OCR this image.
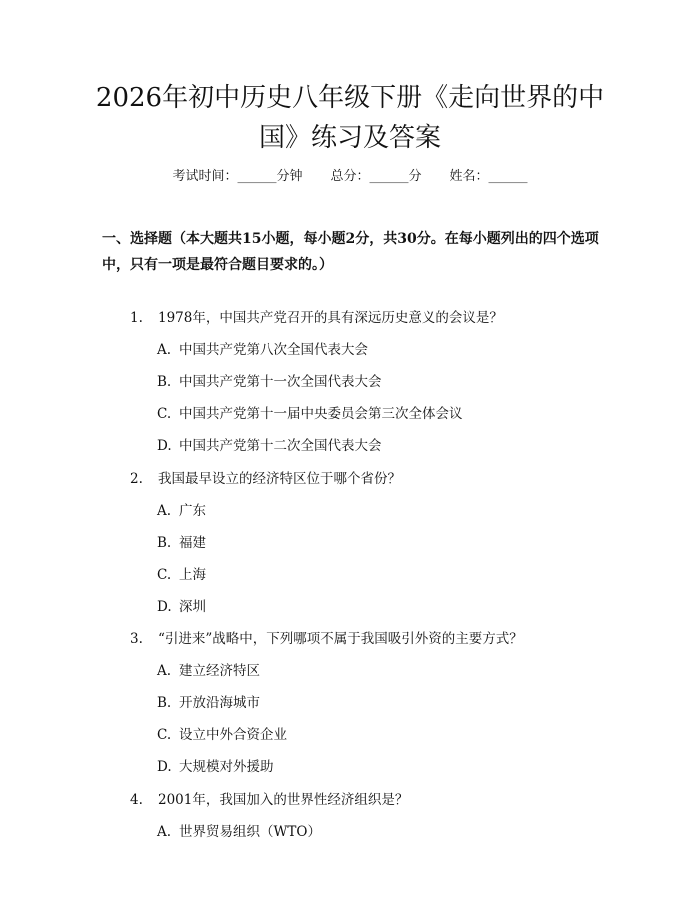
2026年初中历史八年级下册《走向世界的中
国》练习及答案
考试时间：______分钟 总分：______分 姓名：______

一、选择题（本大题共15小题，每小题2分，共30分。在每小题列出的四个选项中，只有一项是最符合题目要求的。）

1. 1978年，中国共产党召开的具有深远历史意义的会议是？
A. 中国共产党第八次全国代表大会
B. 中国共产党第十一次全国代表大会
C. 中国共产党第十一届中央委员会第三次全体会议
D. 中国共产党第十二次全国代表大会
2. 我国最早设立的经济特区位于哪个省份？
A. 广东
B. 福建
C. 上海
D. 深圳
3. “引进来”战略中，下列哪项不属于我国吸引外资的主要方式？
A. 建立经济特区
B. 开放沿海城市
C. 设立中外合资企业
D. 大规模对外援助
4. 2001年，我国加入的世界性经济组织是？
A. 世界贸易组织（WTO）
